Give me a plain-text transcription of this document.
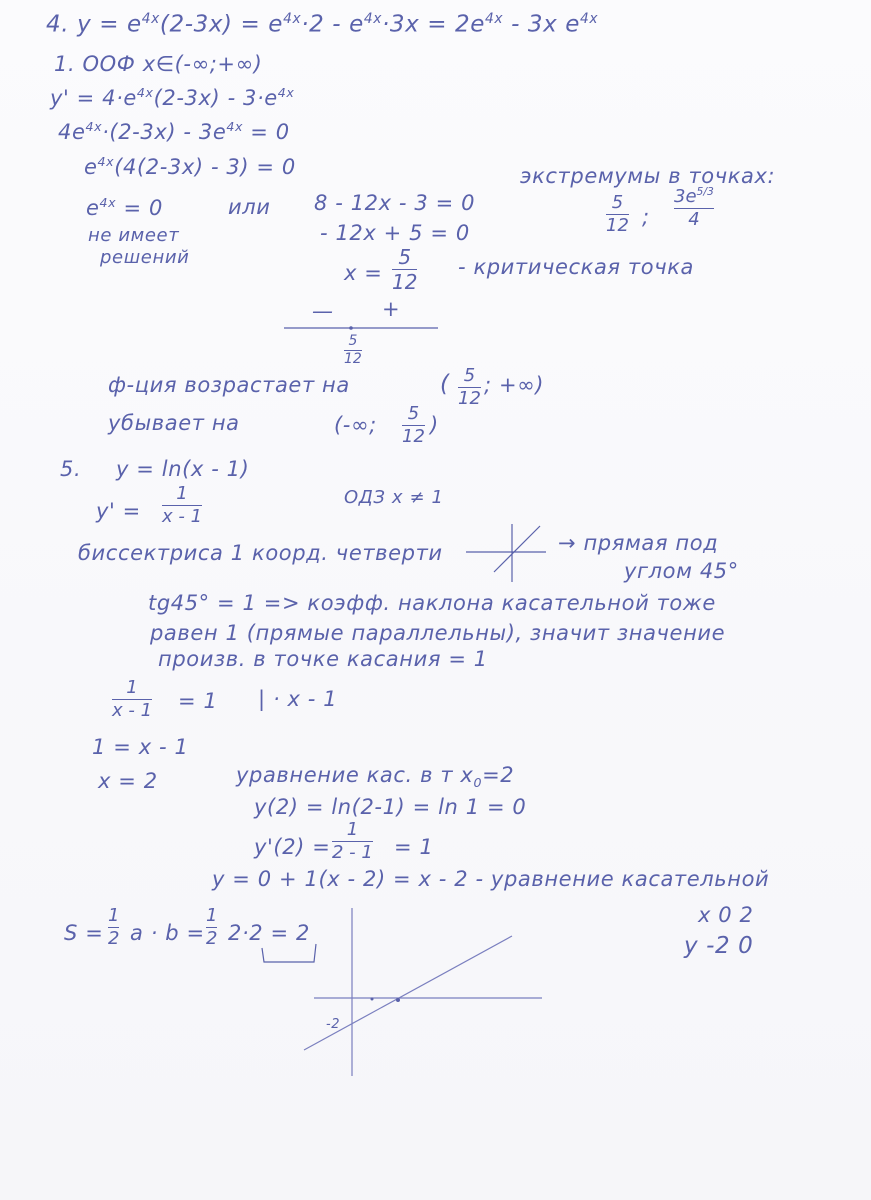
4. $y = e^{4x}(2-3x) = e^{4x}\cdot 2 - e^{4x}\cdot 3x = 2e^{4x} - 3x$ $e^{4x}$
1. ООФ x∈(-∞;+∞)
$y' = 4\cdot e^{4x}(2-3x) - 3\cdot e^{4x}$
$4e^{4x}\cdot(2-3x) - 3e^{4x} = 0$
$e^{4x}(4(2-3x) - 3) = 0$	экстремумы в точках:
5
12 ;
$3e^{5/3}$
4
$e^{4x} = 0$	или 8 - 12x - 3 = 0
не имеет	- 12x + 5 = 0
решений
x =
5
12
- критическая точка
— +
5
12
ф-ция возрастает на	( 5
12
; +∞)
убывает на	(-∞;	5
12 )
5. y = ln(x - 1)
y' =
1
x - 1
ОДЗ x ≠ 1
биссектриса 1 коорд. четверти	→ прямая под
углом 45°
tg45° = 1 => коэфф. наклона касательной тоже
равен 1 (прямые параллельны), значит значение
произв. в точке касания = 1
1
x - 1 = 1 | · x - 1
1 = x - 1
x = 2	уравнение кас. в т $x_0=2$
y(2) = ln(2-1) = ln 1 = 0
y'(2) =
1
2 - 1 = 1
y = 0 + 1(x - 2) = x - 2 - уравнение касательной
S =
1
2 a · b =
1
2 2·2 = 2
x 0 2
y -2 0
-2
